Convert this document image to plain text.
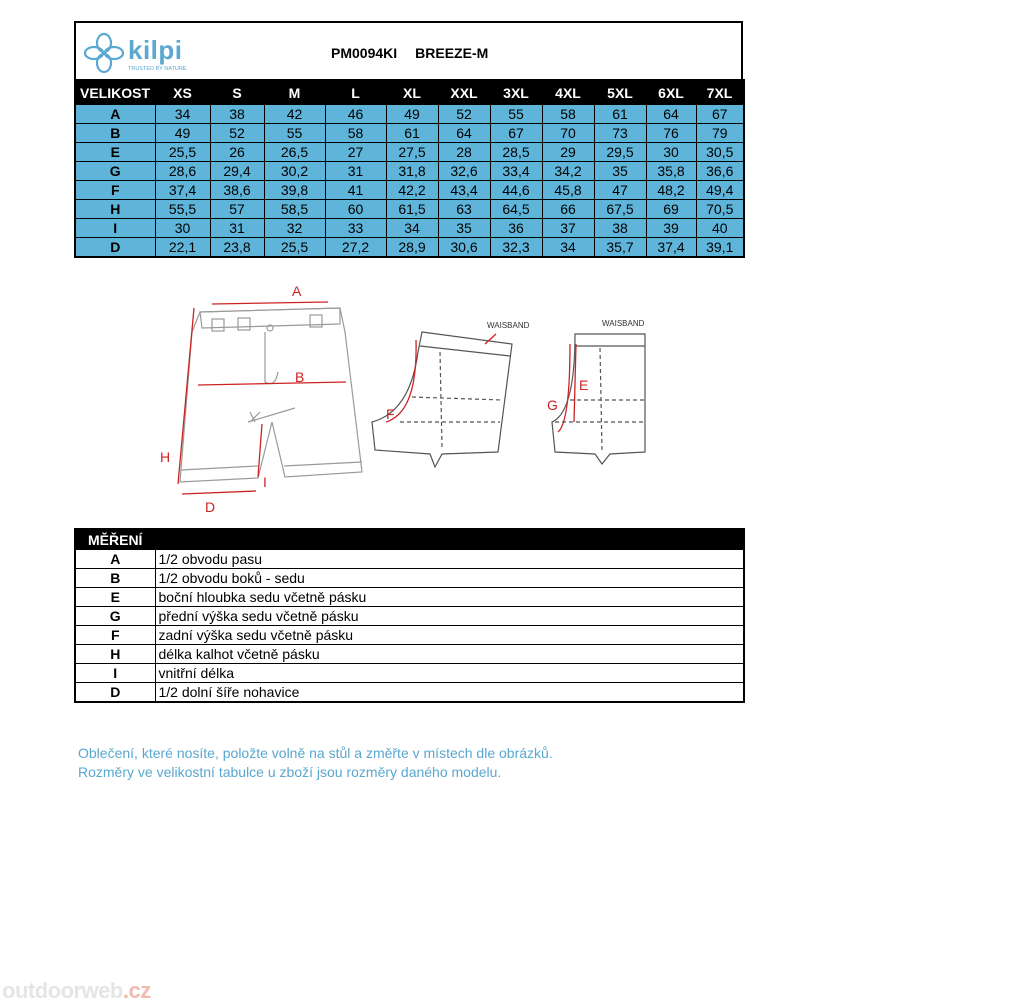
kilpi
TRUSTED BY NATURE
PM0094KI BREEZE-M
VELIKOST	XS	S	M	L	XL	XXL	3XL	4XL	5XL	6XL	7XL
A	34	38	42	46	49	52	55	58	61	64	67
B	49	52	55	58	61	64	67	70	73	76	79
E	25,5	26	26,5	27	27,5	28	28,5	29	29,5	30	30,5
G	28,6	29,4	30,2	31	31,8	32,6	33,4	34,2	35	35,8	36,6
F	37,4	38,6	39,8	41	42,2	43,4	44,6	45,8	47	48,2	49,4
H	55,5	57	58,5	60	61,5	63	64,5	66	67,5	69	70,5
I	30	31	32	33	34	35	36	37	38	39	40
D	22,1	23,8	25,5	27,2	28,9	30,6	32,3	34	35,7	37,4	39,1
A
B
H
I
D
F
G
E
WAISBAND	WAISBAND
MĚŘENÍ	
A	1/2 obvodu pasu
B	1/2 obvodu boků - sedu
E	boční hloubka sedu včetně pásku
G	přední výška sedu včetně pásku
F	zadní výška sedu včetně pásku
H	délka kalhot včetně pásku
I	vnitřní délka
D	1/2 dolní šíře nohavice
Oblečení, které nosíte, položte volně na stůl a změřte v místech dle obrázků.
Rozměry ve velikostní tabulce u zboží jsou rozměry daného modelu.
outdoorweb.cz
